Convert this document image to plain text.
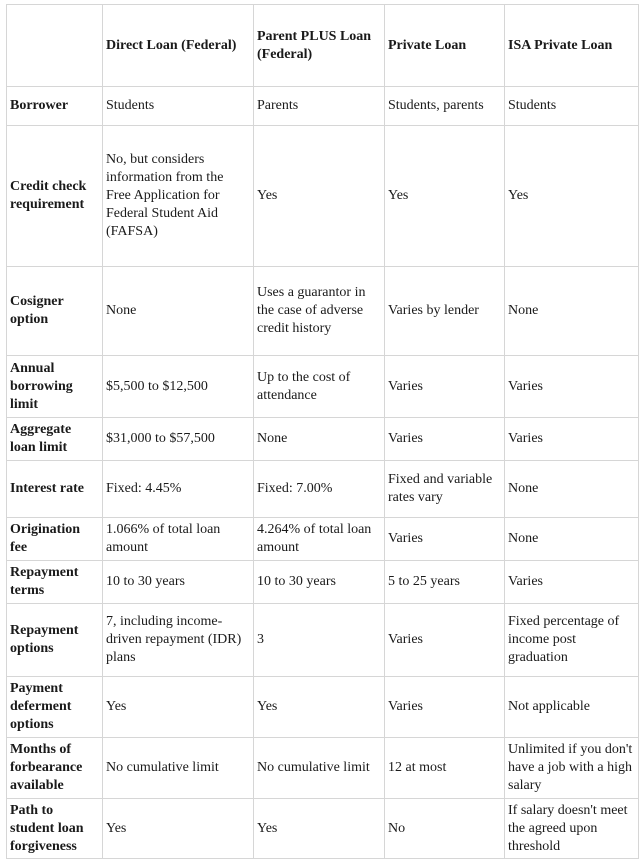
	Direct Loan (Federal)	Parent PLUS Loan (Federal)	Private Loan	ISA Private Loan
Borrower	Students	Parents	Students, parents	Students
Credit check requirement	No, but considers information from the Free Application for Federal Student Aid (FAFSA)	Yes	Yes	Yes
Cosigner option	None	Uses a guarantor in the case of adverse credit history	Varies by lender	None
Annual borrowing limit	$5,500 to $12,500	Up to the cost of attendance	Varies	Varies
Aggregate loan limit	$31,000 to $57,500	None	Varies	Varies
Interest rate	Fixed: 4.45%	Fixed: 7.00%	Fixed and variable rates vary	None
Origination fee	1.066% of total loan amount	4.264% of total loan amount	Varies	None
Repayment terms	10 to 30 years	10 to 30 years	5 to 25 years	Varies
Repayment options	7, including income-driven repayment (IDR) plans	3	Varies	Fixed percentage of income post graduation
Payment deferment options	Yes	Yes	Varies	Not applicable
Months of forbearance available	No cumulative limit	No cumulative limit	12 at most	Unlimited if you don't have a job with a high salary
Path to student loan forgiveness	Yes	Yes	No	If salary doesn't meet the agreed upon threshold
